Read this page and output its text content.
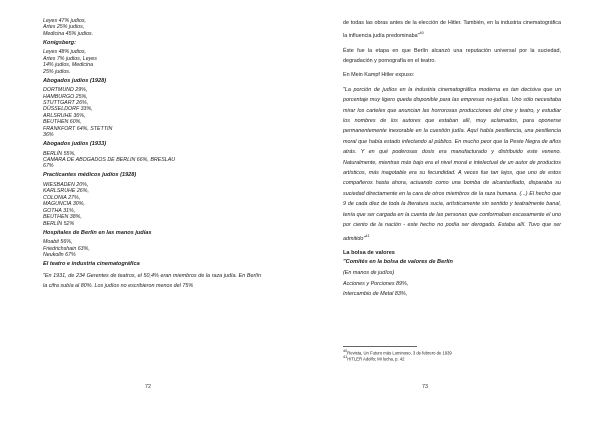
Leyes 47% judios,

Artes 25% judios,

Medicina 45% judios.

Konigsberg:

Leyes 48% judios,

Artes 7% judios, Leyes

14% judios, Medicina

25% judios.

Abogados judios (1928)

DORTMUND 29%,

HAMBURGO 25%,

STUTTGART 26%,

DÜSSELDORF 33%,

ARLSRUHE 36%,

BEUTHEN 60%,

FRANKFORT 64%, STETTIN

36%

Abogados judíos (1933)

BERLÍN 55%,

CAMARA DE ABOGADOS DE BERLIN 66%, BRESLAU

67%

Practicantes médicos judíos (1928)

WIESBADEN 20%,

KARLSRUHE 26%,

COLONIA 27%,

MAGUNCIA 30%,

GOTHA 31%,

BEUTHEN 38%,

BERLÍN 52%

Hospitales de Berlín en las manos judías

Moabit 56%,

Friedrichshain 63%,

Neukolln 67%

El teatro e industria cinematográfica

"En 1931, de 234 Gerentes de teatros, el 50,4% eran miembros de la raza judía. En Berlín la cifra subía al 80%. Los judíos no escribieron menos del 75%

72

de todas las obras antes de la elección de Hitler. También, en la industria cinematográfica la influencia judía predominaba"$^{40}$

Éste fue la etapa en que Berlín alcanzó una reputación universal por la suciedad, degradación y pornografía en el teatro.

En Mein Kampf Hitler expuso:

"La porción de judíos en la industria cinematográfica moderna es tan decisiva que un porcentaje muy ligero queda disponible para las empresas no-judías. Uno sólo necesitaba mirar los carteles que anuncian las horrorosas producciones del cine y teatro, y estudiar los nombres de los autores que estaban allí, muy aclamados, para oponerse permanentemente inexorable en la cuestión judía. Aquí había pestilencia, una pestilencia moral que había estado infectando al público. En mucho peor que la Peste Negra de años atrás. Y en qué poderosas dosis era manufacturado y distribuido este veneno. Naturalmente, mientras más bajo era el nivel moral e intelectual de un autor de productos artísticos, más inagotable era su fecundidad. A veces fue tan lejos, que uno de estos compañeros hasta ahora, actuando como una bomba de alcantarillado, disparaba su suciedad directamente en la cara de otros miembros de la raza humana. (...) El hecho que 9 de cada diez de toda la literatura sucia, artísticamente sin sentido y teatralmente banal, tenía que ser cargada en la cuenta de las personas que conformaban escasamente el uno por ciento de la nación - este hecho no podía ser derogado. Estaba allí. Tuvo que ser admitido"$^{41}$

La bolsa de valores

"Comités en la bolsa de valores de Berlín

(En manos de judíos)

Acciones y Porciones 89%,

Intercambio de Metal 83%,

$^{40}$Revista, Un Futuro más Luminoso, 3 de febrero de 1939

$^{41}$HITLER Adolfo; Mi lucha, p. 42

73
